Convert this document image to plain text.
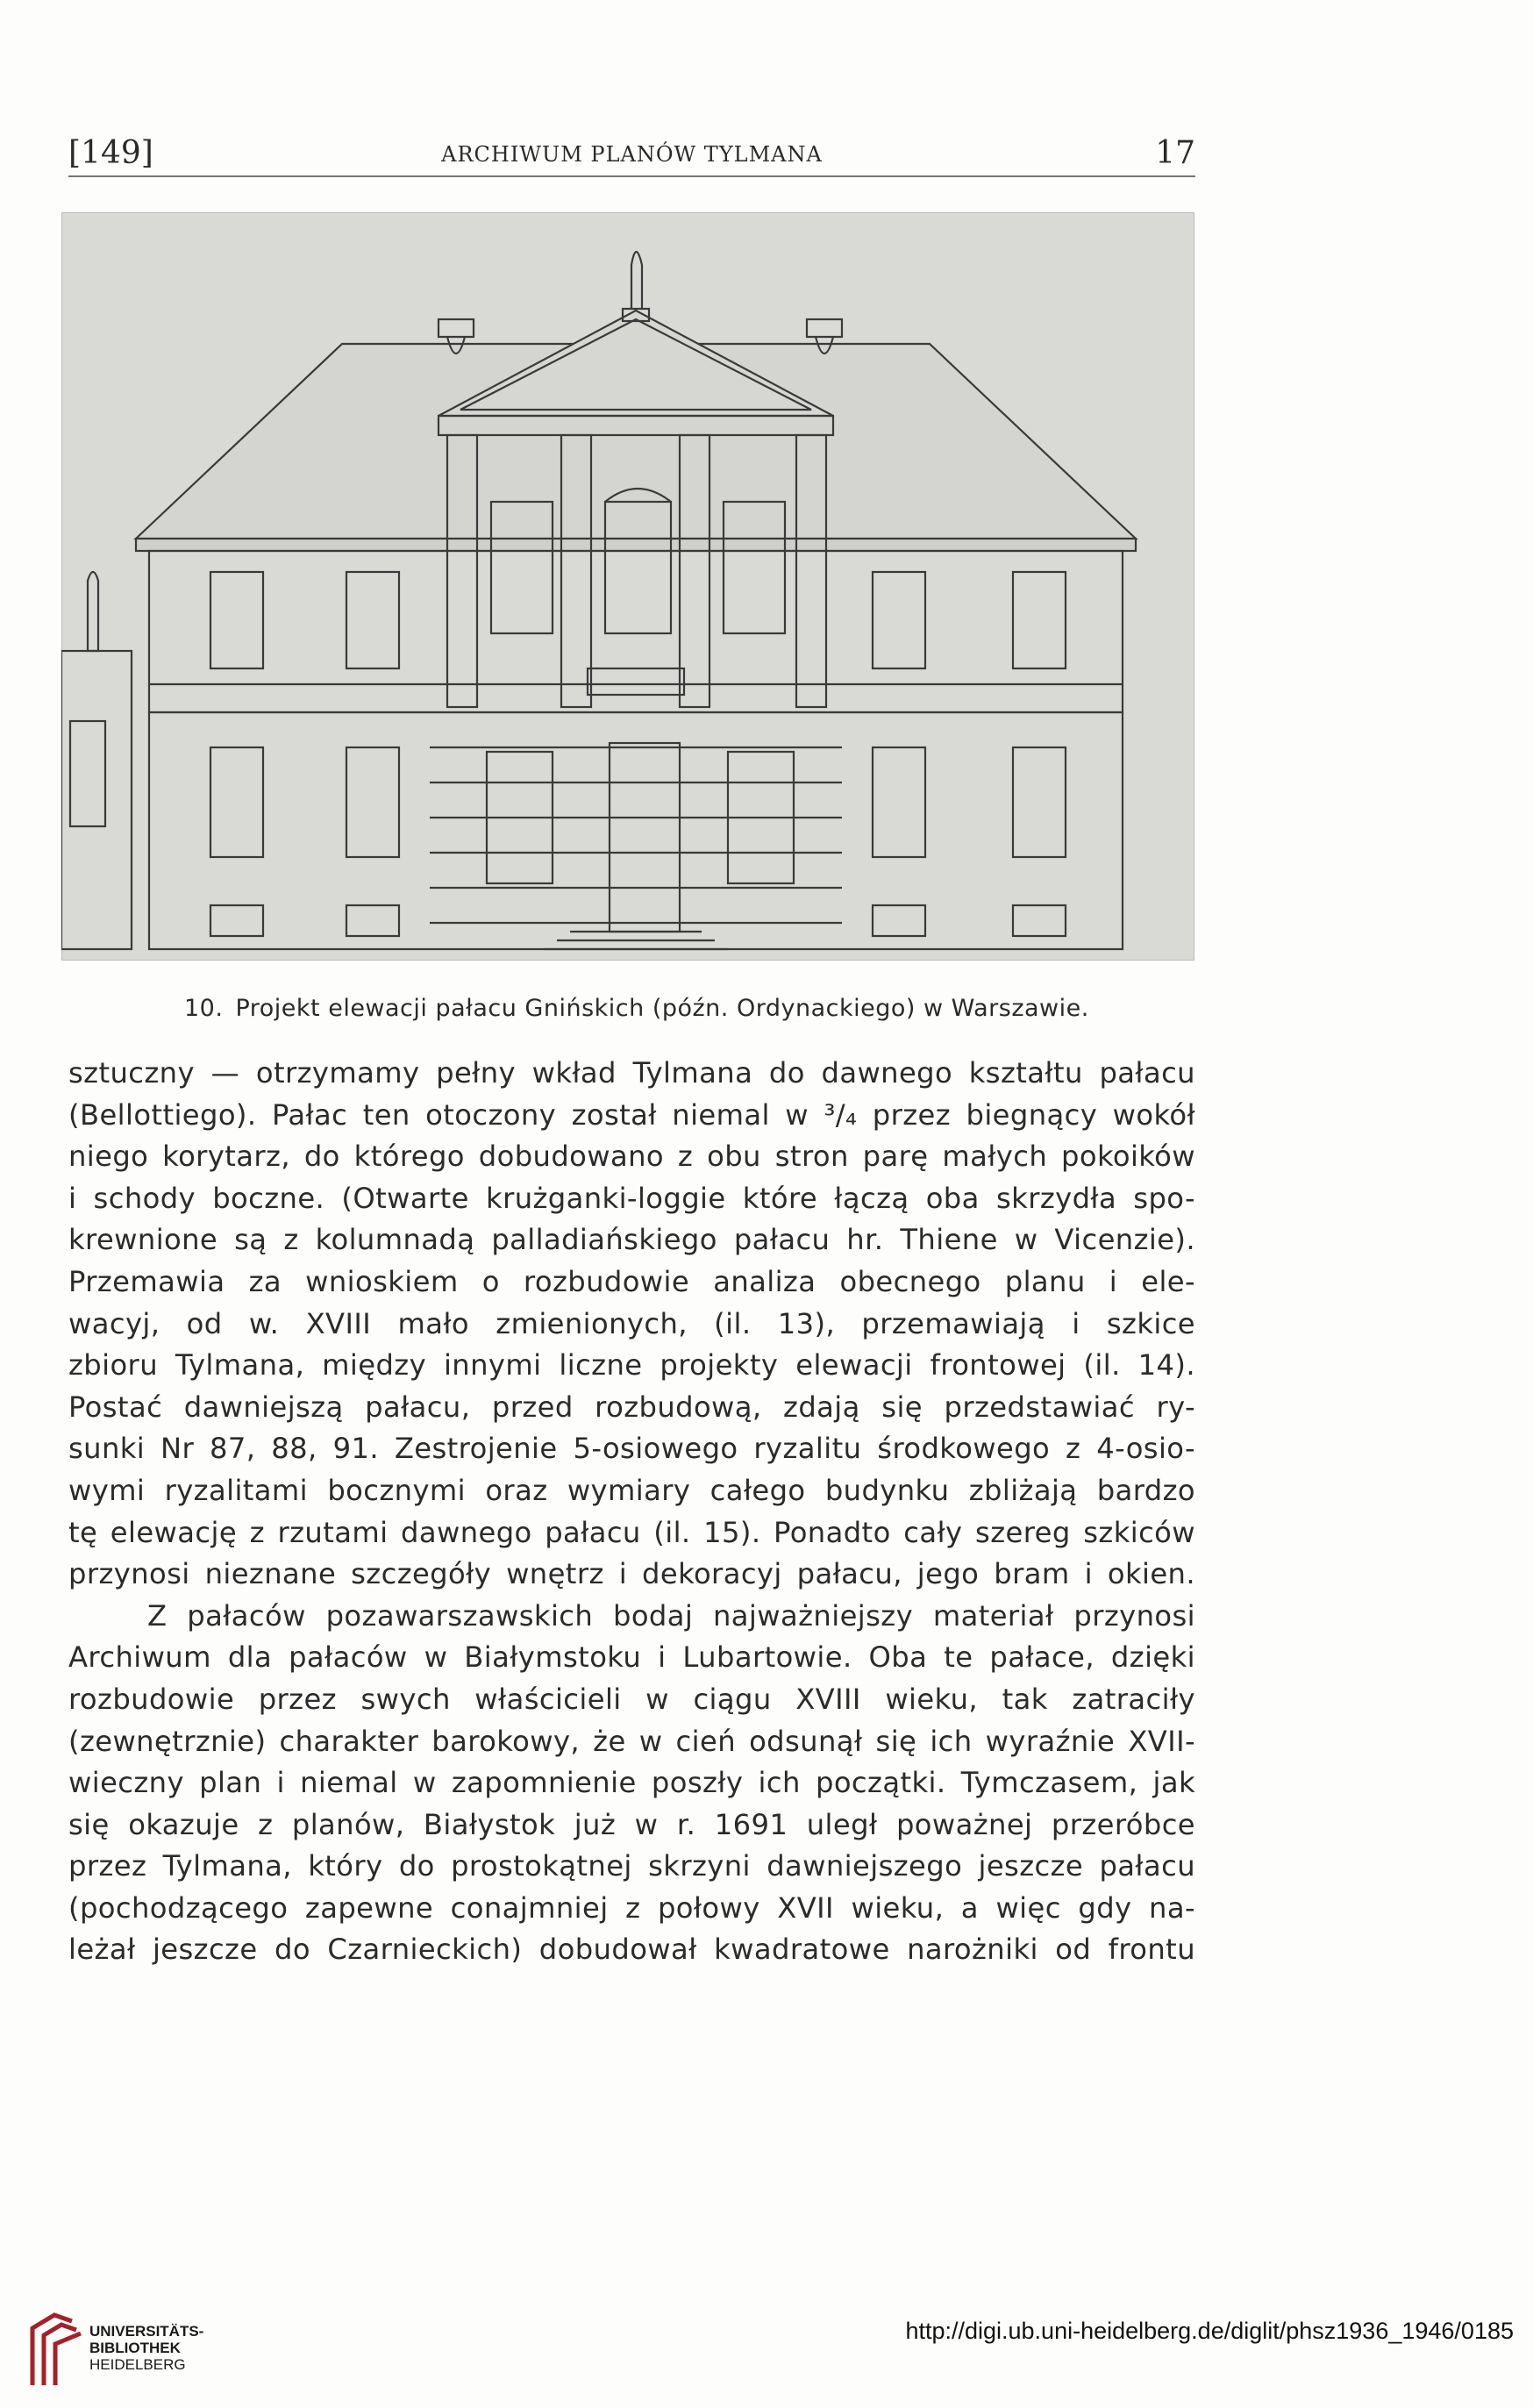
[149]	ARCHIWUM PLANÓW TYLMANA	17
10. Projekt elewacji pałacu Gnińskich (późn. Ordynackiego) w Warszawie.

sztuczny — otrzymamy pełny wkład Tylmana do dawnego kształtu pałacu

(Bellottiego). Pałac ten otoczony został niemal w ³/₄ przez biegnący wokół

niego korytarz, do którego dobudowano z obu stron parę małych pokoików

i schody boczne. (Otwarte krużganki-loggie które łączą oba skrzydła spo-

krewnione są z kolumnadą palladiańskiego pałacu hr. Thiene w Vicenzie).

Przemawia za wnioskiem o rozbudowie analiza obecnego planu i ele-

wacyj, od w. XVIII mało zmienionych, (il. 13), przemawiają i szkice

zbioru Tylmana, między innymi liczne projekty elewacji frontowej (il. 14).

Postać dawniejszą pałacu, przed rozbudową, zdają się przedstawiać ry-

sunki Nr 87, 88, 91. Zestrojenie 5-osiowego ryzalitu środkowego z 4-osio-

wymi ryzalitami bocznymi oraz wymiary całego budynku zbliżają bardzo

tę elewację z rzutami dawnego pałacu (il. 15). Ponadto cały szereg szkiców

przynosi nieznane szczegóły wnętrz i dekoracyj pałacu, jego bram i okien.

Z pałaców pozawarszawskich bodaj najważniejszy materiał przynosi

Archiwum dla pałaców w Białymstoku i Lubartowie. Oba te pałace, dzięki

rozbudowie przez swych właścicieli w ciągu XVIII wieku, tak zatraciły

(zewnętrznie) charakter barokowy, że w cień odsunął się ich wyraźnie XVII-

wieczny plan i niemal w zapomnienie poszły ich początki. Tymczasem, jak

się okazuje z planów, Białystok już w r. 1691 uległ poważnej przeróbce

przez Tylmana, który do prostokątnej skrzyni dawniejszego jeszcze pałacu

(pochodzącego zapewne conajmniej z połowy XVII wieku, a więc gdy na-

leżał jeszcze do Czarnieckich) dobudował kwadratowe narożniki od frontu

UNIVERSITÄTS-
BIBLIOTHEK
HEIDELBERG
http://digi.ub.uni-heidelberg.de/diglit/phsz1936_1946/0185
